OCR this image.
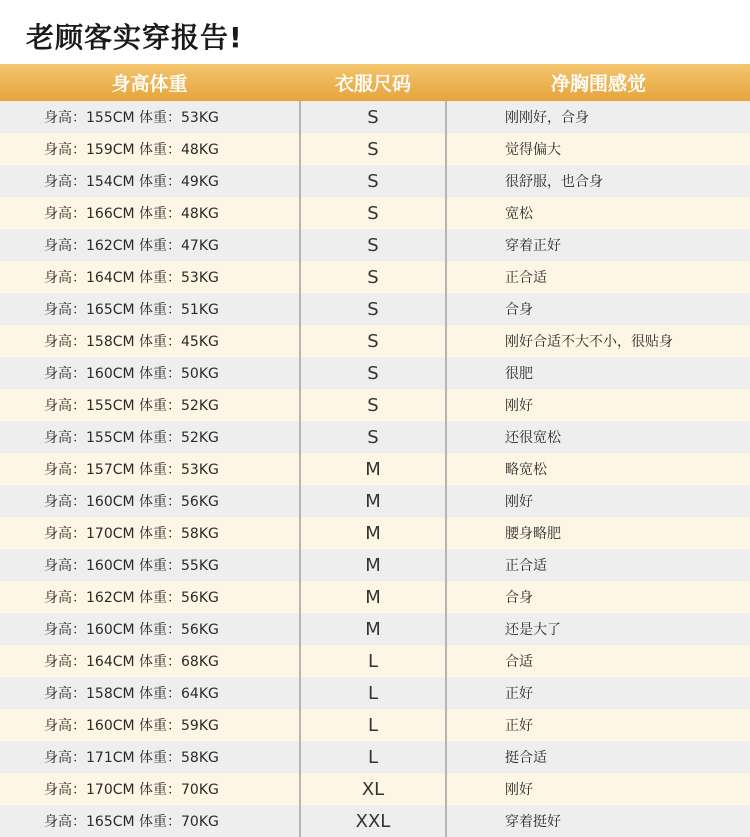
老顾客实穿报告!
身高体重	衣服尺码	净胸围感觉
身高：155CM 体重：53KG	S	刚刚好，合身
身高：159CM 体重：48KG	S	觉得偏大
身高：154CM 体重：49KG	S	很舒服，也合身
身高：166CM 体重：48KG	S	宽松
身高：162CM 体重：47KG	S	穿着正好
身高：164CM 体重：53KG	S	正合适
身高：165CM 体重：51KG	S	合身
身高：158CM 体重：45KG	S	刚好合适不大不小，很贴身
身高：160CM 体重：50KG	S	很肥
身高：155CM 体重：52KG	S	刚好
身高：155CM 体重：52KG	S	还很宽松
身高：157CM 体重：53KG	M	略宽松
身高：160CM 体重：56KG	M	刚好
身高：170CM 体重：58KG	M	腰身略肥
身高：160CM 体重：55KG	M	正合适
身高：162CM 体重：56KG	M	合身
身高：160CM 体重：56KG	M	还是大了
身高：164CM 体重：68KG	L	合适
身高：158CM 体重：64KG	L	正好
身高：160CM 体重：59KG	L	正好
身高：171CM 体重：58KG	L	挺合适
身高：170CM 体重：70KG	XL	刚好
身高：165CM 体重：70KG	XXL	穿着挺好
